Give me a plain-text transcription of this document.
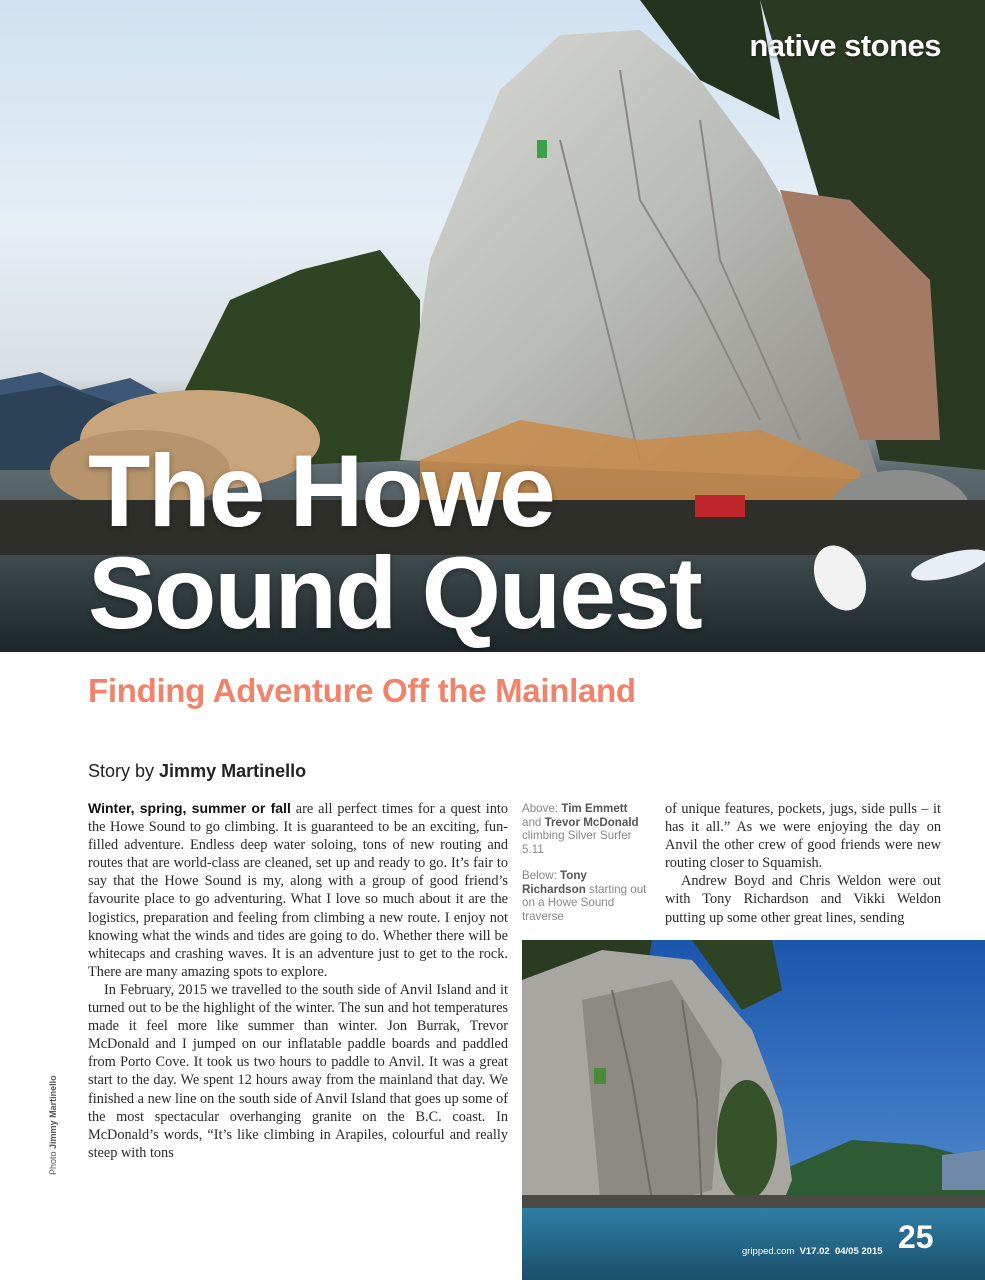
native stones
The Howe
Sound Quest
Finding Adventure Off the Mainland
Story by Jimmy Martinello

Winter, spring, summer or fall are all perfect times for a quest into the Howe Sound to go climbing. It is guaranteed to be an exciting, fun-filled adventure. Endless deep water soloing, tons of new routing and routes that are world-class are cleaned, set up and ready to go. It’s fair to say that the Howe Sound is my, along with a group of good friend’s favourite place to go adventuring. What I love so much about it are the logistics, preparation and feeling from climbing a new route. I enjoy not knowing what the winds and tides are going to do. Whether there will be whitecaps and crashing waves. It is an adventure just to get to the rock. There are many amazing spots to explore.

In February, 2015 we travelled to the south side of Anvil Island and it turned out to be the highlight of the winter. The sun and hot temperatures made it feel more like summer than winter. Jon Burrak, Trevor McDonald and I jumped on our inflatable paddle boards and paddled from Porto Cove. It took us two hours to paddle to Anvil. It was a great start to the day. We spent 12 hours away from the mainland that day. We finished a new line on the south side of Anvil Island that goes up some of the most spectacular overhanging granite on the B.C. coast. In McDonald’s words, “It’s like climbing in Arapiles, colourful and really steep with tons

Above: Tim Emmett and Trevor McDonald climbing Silver Surfer 5.11
Below: Tony Richardson starting out on a Howe Sound traverse

of unique features, pockets, jugs, side pulls – it has it all.” As we were enjoying the day on Anvil the other crew of good friends were new routing closer to Squamish.

Andrew Boyd and Chris Weldon were out with Tony Richardson and Vikki Weldon putting up some other great lines, sending

Photo Jimmy Martinello
gripped.com V17.02 04/05 2015 25
